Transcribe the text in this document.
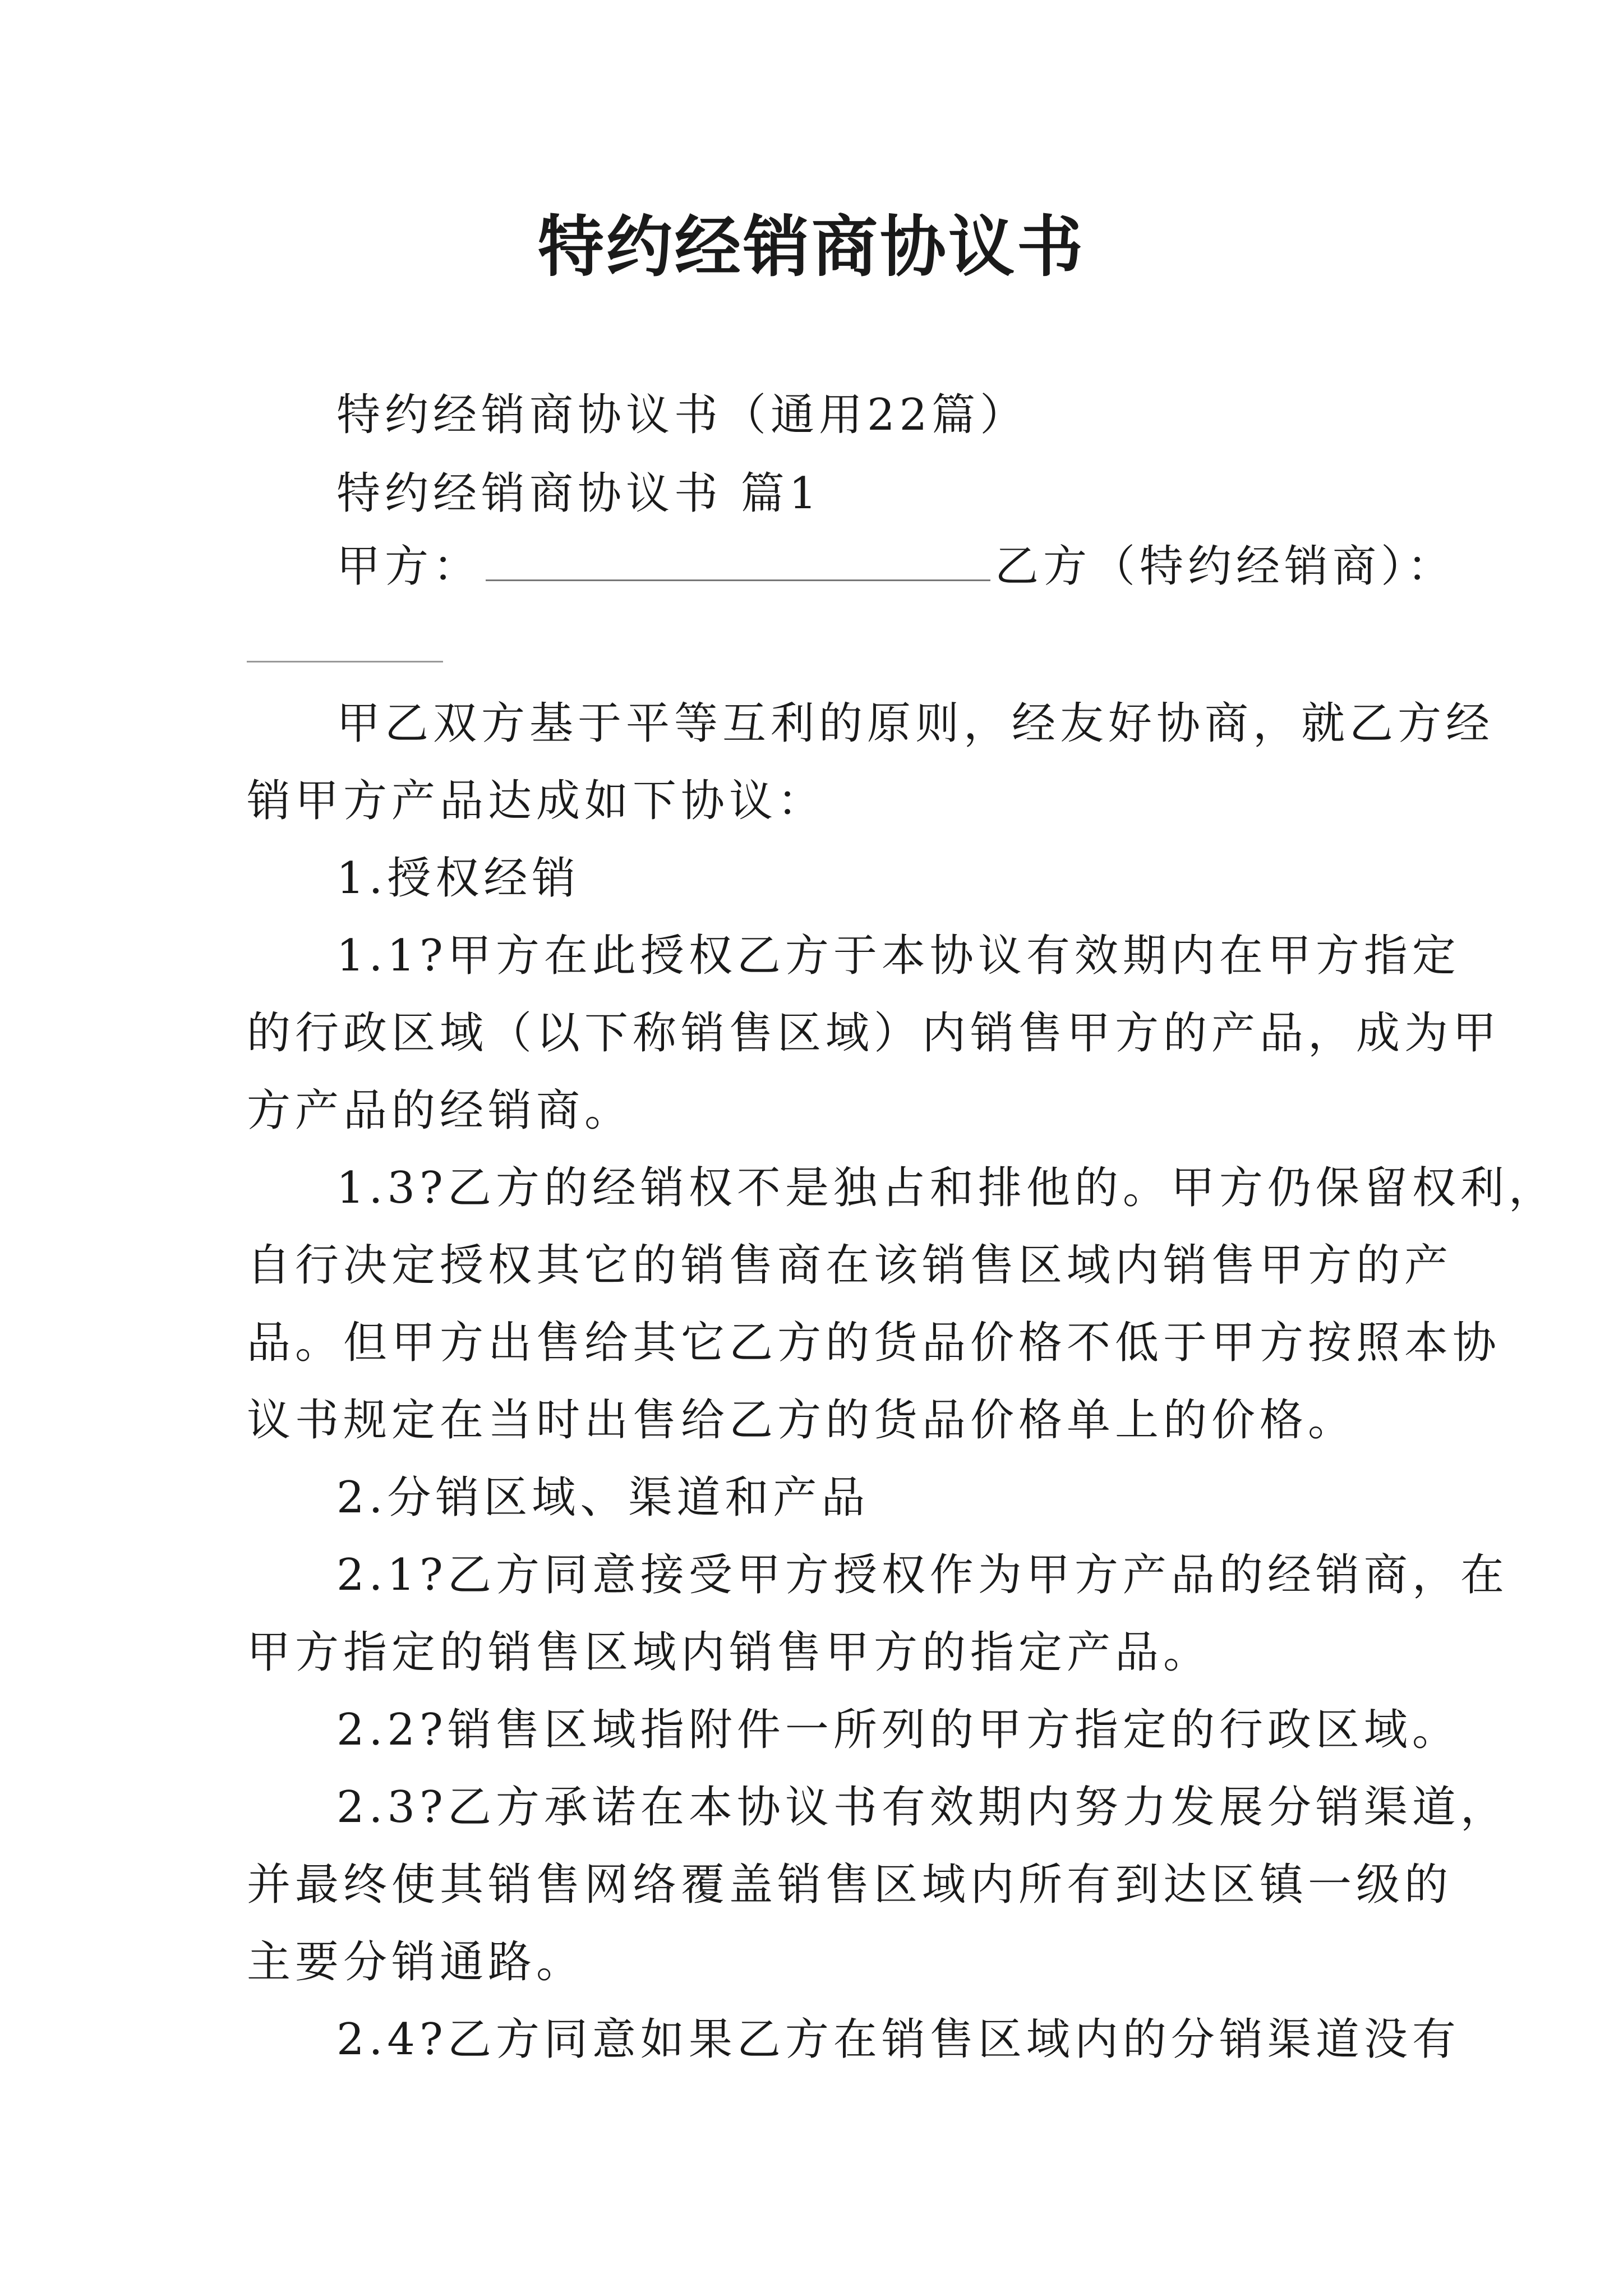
特约经销商协议书
特约经销商协议书（通用22篇）
特约经销商协议书 篇1
甲方：	乙方（特约经销商）：
甲乙双方基于平等互利的原则，经友好协商，就乙方经
销甲方产品达成如下协议：
1.授权经销
1.1?甲方在此授权乙方于本协议有效期内在甲方指定
的行政区域（以下称销售区域）内销售甲方的产品，成为甲
方产品的经销商。
1.3?乙方的经销权不是独占和排他的。甲方仍保留权利，
自行决定授权其它的销售商在该销售区域内销售甲方的产
品。但甲方出售给其它乙方的货品价格不低于甲方按照本协
议书规定在当时出售给乙方的货品价格单上的价格。
2.分销区域、渠道和产品
2.1?乙方同意接受甲方授权作为甲方产品的经销商，在
甲方指定的销售区域内销售甲方的指定产品。
2.2?销售区域指附件一所列的甲方指定的行政区域。
2.3?乙方承诺在本协议书有效期内努力发展分销渠道，
并最终使其销售网络覆盖销售区域内所有到达区镇一级的
主要分销通路。
2.4?乙方同意如果乙方在销售区域内的分销渠道没有
